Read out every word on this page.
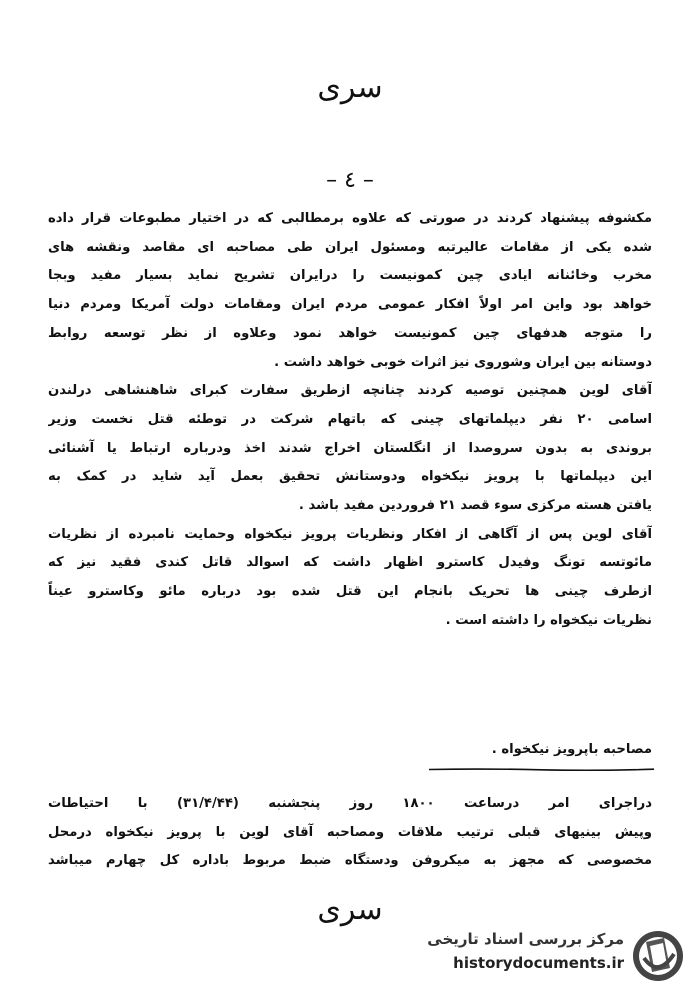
سری
– ٤ –
مکشوفه پیشنهاد کردند در صورتی که علاوه برمطالبی که در اختیار مطبوعات قرار داده
شده یکی از مقامات عالیرتبه ومسئول ایران طی مصاحبه ای مقاصد ونقشه های
مخرب وخائنانه ایادی چین کمونیست را درایران تشریح نماید بسیار مفید وبجا
خواهد بود واین امر اولاً افکار عمومی مردم ایران ومقامات دولت آمریکا ومردم دنیا
را متوجه هدفهای چین کمونیست خواهد نمود وعلاوه از نظر توسعه روابط
دوستانه بین ایران وشوروی نیز اثرات خوبی خواهد داشت .
آقای لوین همچنین توصیه کردند چنانچه ازطریق سفارت کبرای شاهنشاهی درلندن
اسامی ۲۰ نفر دیپلماتهای چینی که باتهام شرکت در توطئه قتل نخست وزیر
بروندی به بدون سروصدا از انگلستان اخراج شدند اخذ ودرباره ارتباط یا آشنائی
این دیپلماتها با پرویز نیکخواه ودوستانش تحقیق بعمل آید شاید در کمک به
یافتن هسته مرکزی سوء قصد ۲۱ فروردین مفید باشد .
آقای لوین پس از آگاهی از افکار ونظریات پرویز نیکخواه وحمایت نامبرده از نظریات
مائوتسه تونگ وفیدل کاسترو اظهار داشت که اسوالد قاتل کندی فقید نیز که
ازطرف چینی ها تحریک بانجام این قتل شده بود درباره مائو وکاسترو عیناً
نظریات نیکخواه را داشته است .
مصاحبه باپرویز نیکخواه .
دراجرای امر درساعت ۱۸۰۰ روز پنجشنبه (۳۱/۴/۴۴) با احتیاطات
وپیش بینیهای قبلی ترتیب ملاقات ومصاحبه آقای لوین با پرویز نیکخواه درمحل
مخصوصی که مجهز به میکروفن ودستگاه ضبط مربوط باداره کل چهارم میباشد
سری
مرکز بررسی اسناد تاریخی
historydocuments.ir
